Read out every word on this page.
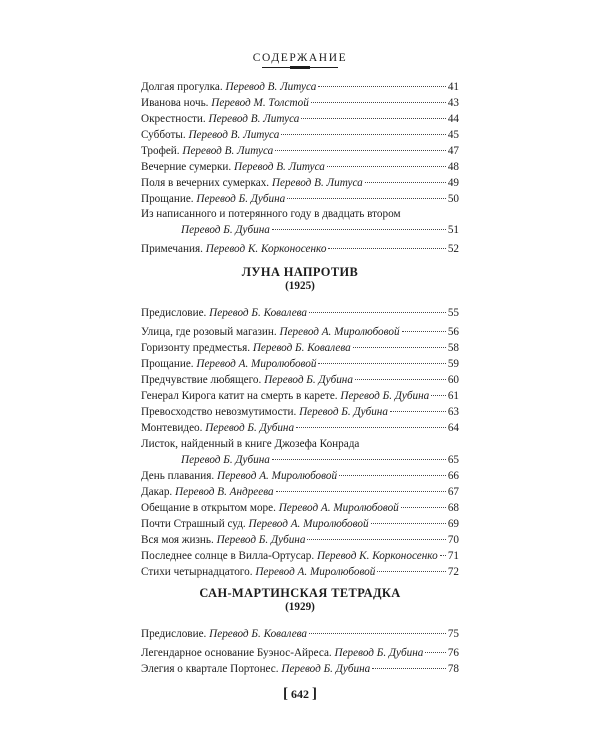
СОДЕРЖАНИЕ
Долгая прогулка. Перевод В. Литуса	41
Иванова ночь. Перевод М. Толстой	43
Окрестности. Перевод В. Литуса	44
Субботы. Перевод В. Литуса	45
Трофей. Перевод В. Литуса	47
Вечерние сумерки. Перевод В. Литуса	48
Поля в вечерних сумерках. Перевод В. Литуса	49
Прощание. Перевод Б. Дубина	50
Из написанного и потерянного году в двадцать втором
Перевод Б. Дубина	51
Примечания. Перевод К. Корконосенко	52
ЛУНА НАПРОТИВ
(1925)
Предисловие. Перевод Б. Ковалева	55
Улица, где розовый магазин. Перевод А. Миролюбовой	56
Горизонту предместья. Перевод Б. Ковалева	58
Прощание. Перевод А. Миролюбовой	59
Предчувствие любящего. Перевод Б. Дубина	60
Генерал Кирога катит на смерть в карете. Перевод Б. Дубина 61
Превосходство невозмутимости. Перевод Б. Дубина	63
Монтевидео. Перевод Б. Дубина	64
Листок, найденный в книге Джозефа Конрада
Перевод Б. Дубина	65
День плавания. Перевод А. Миролюбовой	66
Дакар. Перевод В. Андреева	67
Обещание в открытом море. Перевод А. Миролюбовой	68
Почти Страшный суд. Перевод А. Миролюбовой	69
Вся моя жизнь. Перевод Б. Дубина	70
Последнее солнце в Вилла-Ортусар. Перевод К. Корконосенко 71
Стихи четырнадцатого. Перевод А. Миролюбовой	72
САН-МАРТИНСКАЯ ТЕТРАДКА
(1929)
Предисловие. Перевод Б. Ковалева	75
Легендарное основание Буэнос-Айреса. Перевод Б. Дубина 76
Элегия о квартале Портонес. Перевод Б. Дубина	78
[ 642 ]
